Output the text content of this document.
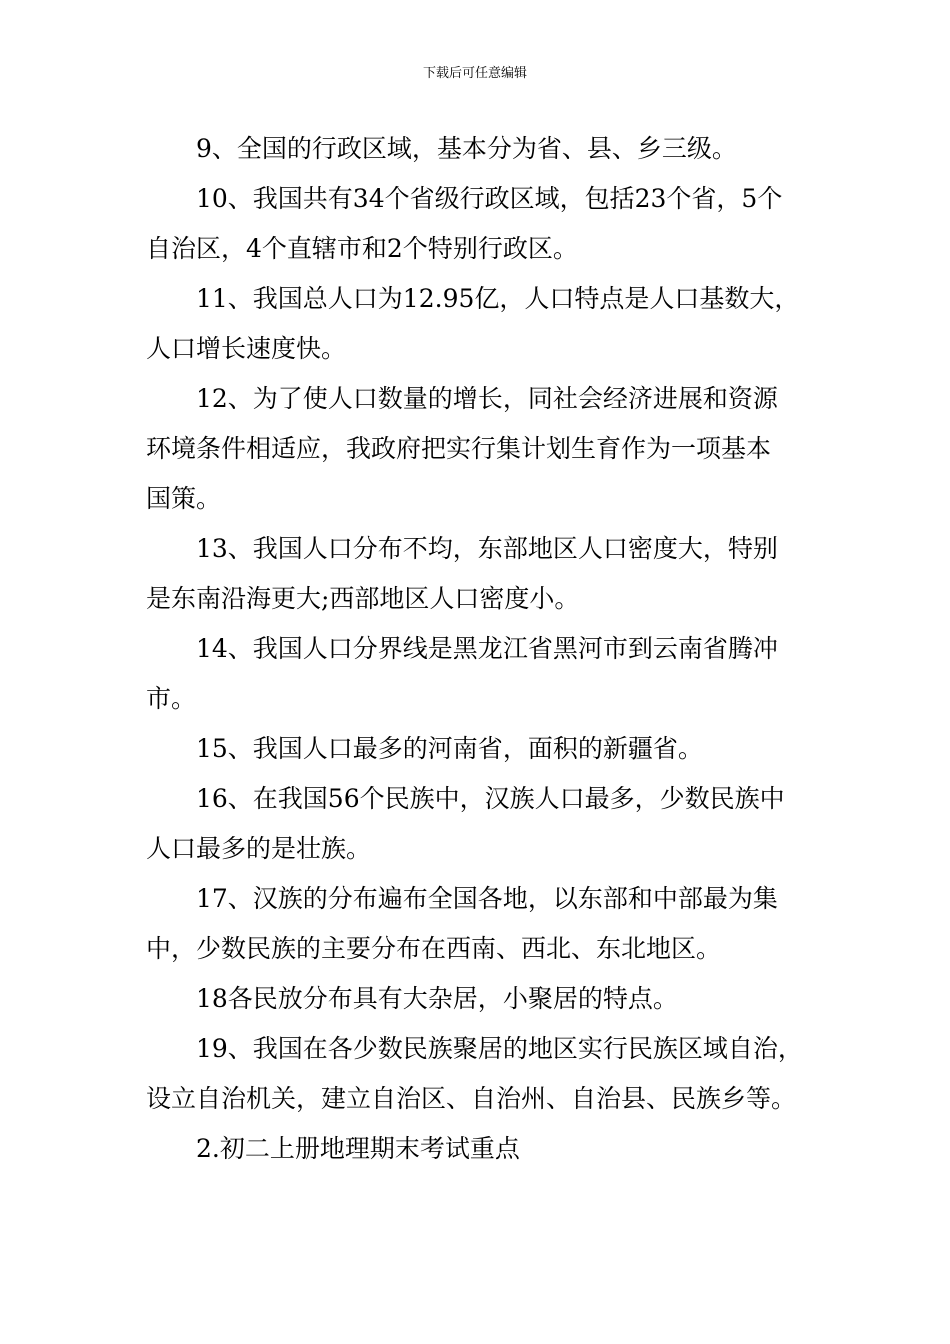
下载后可任意编辑

9、全国的行政区域，基本分为省、县、乡三级。

10、我国共有34个省级行政区域，包括23个省，5个
自治区，4个直辖市和2个特别行政区。

11、我国总人口为12.95亿，人口特点是人口基数大，
人口增长速度快。

12、为了使人口数量的增长，同社会经济进展和资源
环境条件相适应，我政府把实行集计划生育作为一项基本
国策。

13、我国人口分布不均，东部地区人口密度大，特别
是东南沿海更大;西部地区人口密度小。

14、我国人口分界线是黑龙江省黑河市到云南省腾冲
市。

15、我国人口最多的河南省，面积的新疆省。

16、在我国56个民族中，汉族人口最多，少数民族中
人口最多的是壮族。

17、汉族的分布遍布全国各地，以东部和中部最为集
中，少数民族的主要分布在西南、西北、东北地区。

18各民放分布具有大杂居，小聚居的特点。

19、我国在各少数民族聚居的地区实行民族区域自治，
设立自治机关，建立自治区、自治州、自治县、民族乡等。

2.初二上册地理期末考试重点
